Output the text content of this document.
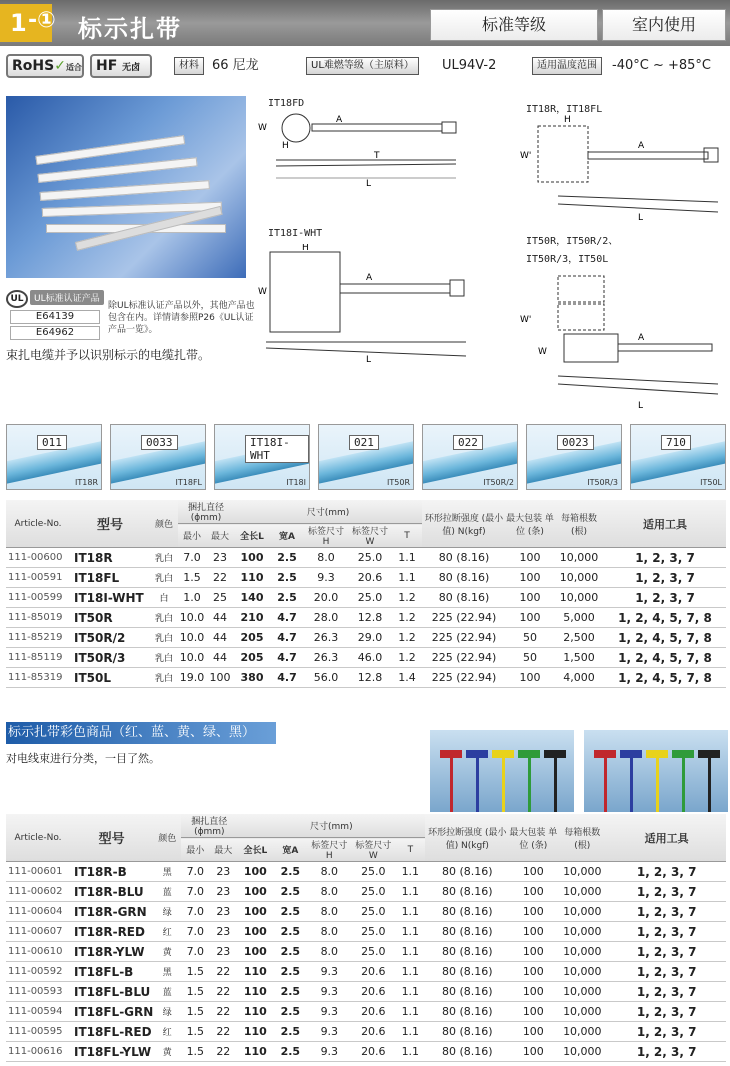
1 -① 标示扎带	标准等级	室内使用
RoHS✓适合	HF 无卤	材料	66 尼龙	UL难燃等级（主原料）	UL94V-2	适用温度范围	-40°C ~ +85°C
UL	UL标准认证产品
E64139
E64962
除UL标准认证产品以外，其他产品也包含在内。详情请参照P26《UL认证产品一览》。
束扎电缆并予以识别标示的电缆扎带。
IT18FD
W
H
A
T
L
IT18I-WHT
H
W
A
L
IT18R，IT18FL
W'
H
A
L
IT50R，IT50R/2、
IT50R/3，IT50L
W'
W
A
L
011
IT18R
0033
IT18FL
IT18I-WHT
IT18I
021
IT50R
022
IT50R/2
0023
IT50R/3
710
IT50L
Article-No.	型号	颜色	捆扎直径(ϕmm)		尺寸(mm)					环形拉断强度 (最小值) N(kgf)	最大包装 单位 (条)	每箱根数 (根)	适用工具
			最小	最大	全长L	宽A	标签尺寸 H	标签尺寸 W	T				
111-00600	IT18R	乳白	7.0	23	100	2.5	8.0	25.0	1.1	80 (8.16)	100	10,000	1, 2, 3, 7
111-00591	IT18FL	乳白	1.5	22	110	2.5	9.3	20.6	1.1	80 (8.16)	100	10,000	1, 2, 3, 7
111-00599	IT18I-WHT	白	1.0	25	140	2.5	20.0	25.0	1.2	80 (8.16)	100	10,000	1, 2, 3, 7
111-85019	IT50R	乳白	10.0	44	210	4.7	28.0	12.8	1.2	225 (22.94)	100	5,000	1, 2, 4, 5, 7, 8
111-85219	IT50R/2	乳白	10.0	44	205	4.7	26.3	29.0	1.2	225 (22.94)	50	2,500	1, 2, 4, 5, 7, 8
111-85119	IT50R/3	乳白	10.0	44	205	4.7	26.3	46.0	1.2	225 (22.94)	50	1,500	1, 2, 4, 5, 7, 8
111-85319	IT50L	乳白	19.0	100	380	4.7	56.0	12.8	1.4	225 (22.94)	100	4,000	1, 2, 4, 5, 7, 8
标示扎带彩色商品（红、蓝、黄、绿、黑）
对电线束进行分类，一目了然。
Article-No.	型号	颜色	捆扎直径(ϕmm)		尺寸(mm)					环形拉断强度 (最小值) N(kgf)	最大包装 单位 (条)	每箱根数 (根)	适用工具
			最小	最大	全长L	宽A	标签尺寸 H	标签尺寸 W	T				
111-00601	IT18R-B	黑	7.0	23	100	2.5	8.0	25.0	1.1	80 (8.16)	100	10,000	1, 2, 3, 7
111-00602	IT18R-BLU	蓝	7.0	23	100	2.5	8.0	25.0	1.1	80 (8.16)	100	10,000	1, 2, 3, 7
111-00604	IT18R-GRN	绿	7.0	23	100	2.5	8.0	25.0	1.1	80 (8.16)	100	10,000	1, 2, 3, 7
111-00607	IT18R-RED	红	7.0	23	100	2.5	8.0	25.0	1.1	80 (8.16)	100	10,000	1, 2, 3, 7
111-00610	IT18R-YLW	黄	7.0	23	100	2.5	8.0	25.0	1.1	80 (8.16)	100	10,000	1, 2, 3, 7
111-00592	IT18FL-B	黑	1.5	22	110	2.5	9.3	20.6	1.1	80 (8.16)	100	10,000	1, 2, 3, 7
111-00593	IT18FL-BLU	蓝	1.5	22	110	2.5	9.3	20.6	1.1	80 (8.16)	100	10,000	1, 2, 3, 7
111-00594	IT18FL-GRN	绿	1.5	22	110	2.5	9.3	20.6	1.1	80 (8.16)	100	10,000	1, 2, 3, 7
111-00595	IT18FL-RED	红	1.5	22	110	2.5	9.3	20.6	1.1	80 (8.16)	100	10,000	1, 2, 3, 7
111-00616	IT18FL-YLW	黄	1.5	22	110	2.5	9.3	20.6	1.1	80 (8.16)	100	10,000	1, 2, 3, 7
